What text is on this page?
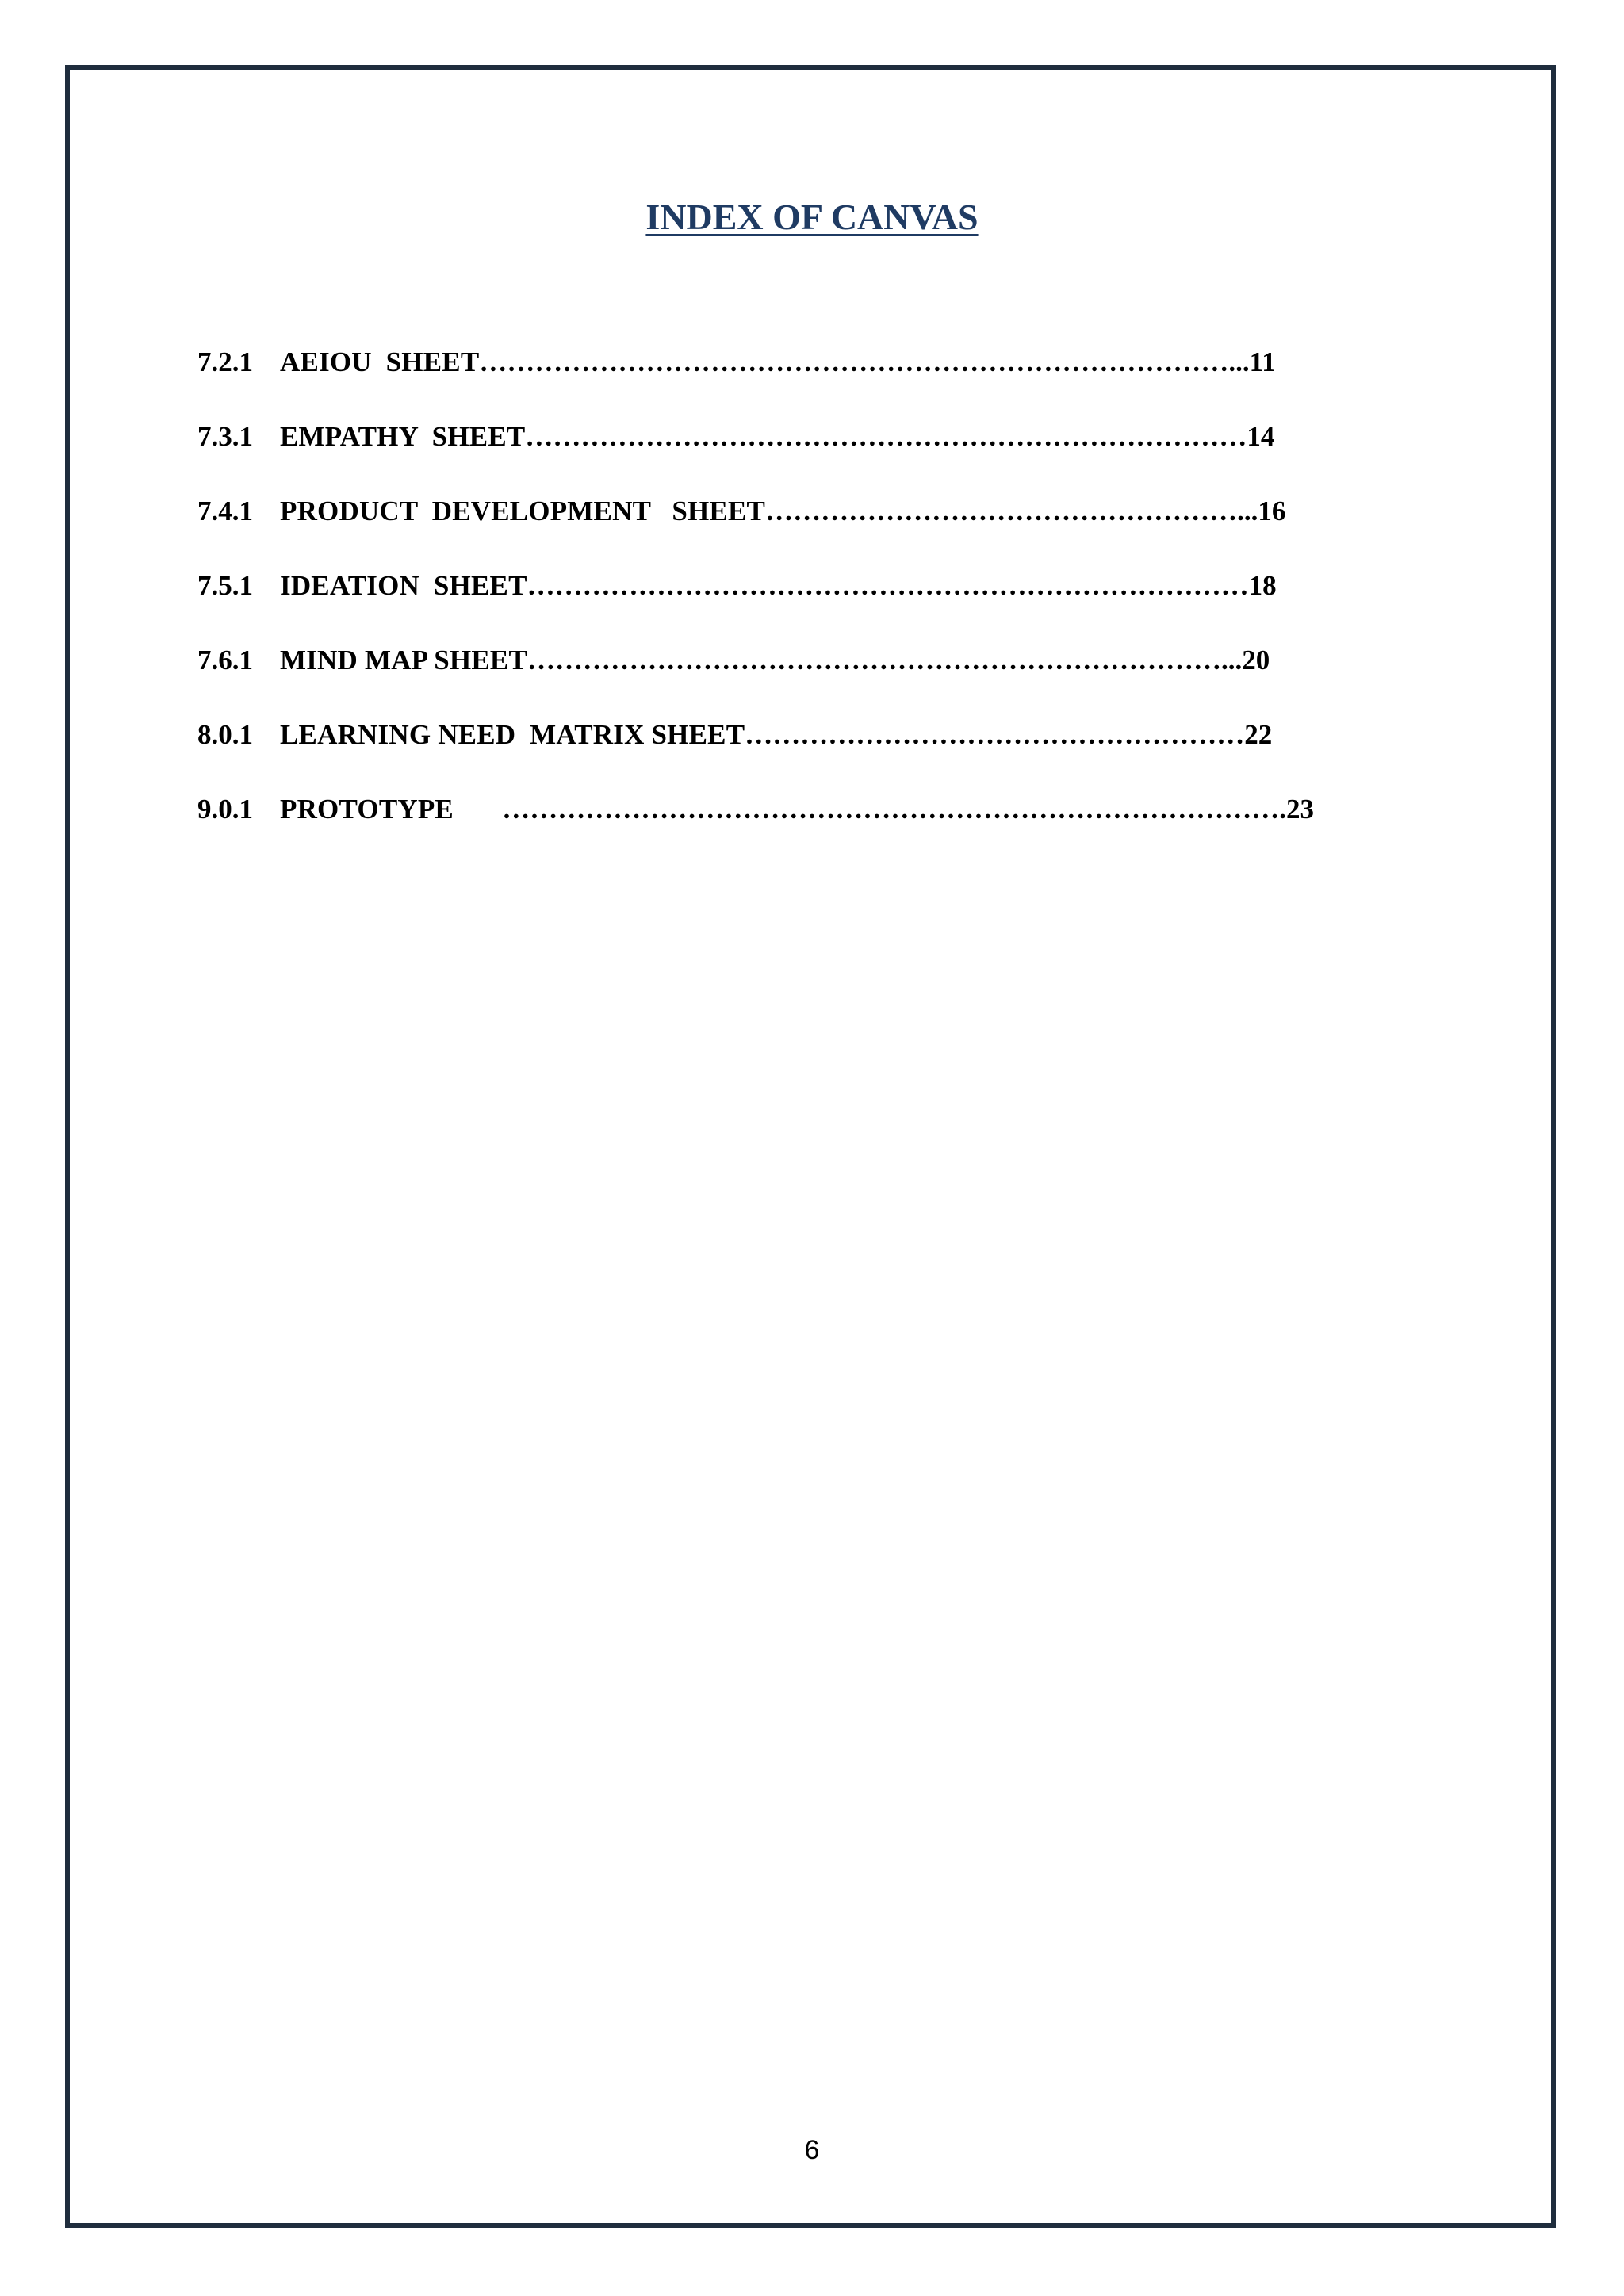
INDEX OF CANVAS
7.2.1 AEIOU  SHEET………………………………………………………………………...11
7.3.1 EMPATHY  SHEET……………………………………………………………………14
7.4.1 PRODUCT  DEVELOPMENT   SHEET……………………………………………...16
7.5.1 IDEATION  SHEET……………………………………………………………………18
7.6.1 MIND MAP SHEET…………………………………………………………………...20
8.0.1 LEARNING NEED  MATRIX SHEET………………………………………………22
9.0.1 PROTOTYPE       ………………………………………………………………………….23
6
